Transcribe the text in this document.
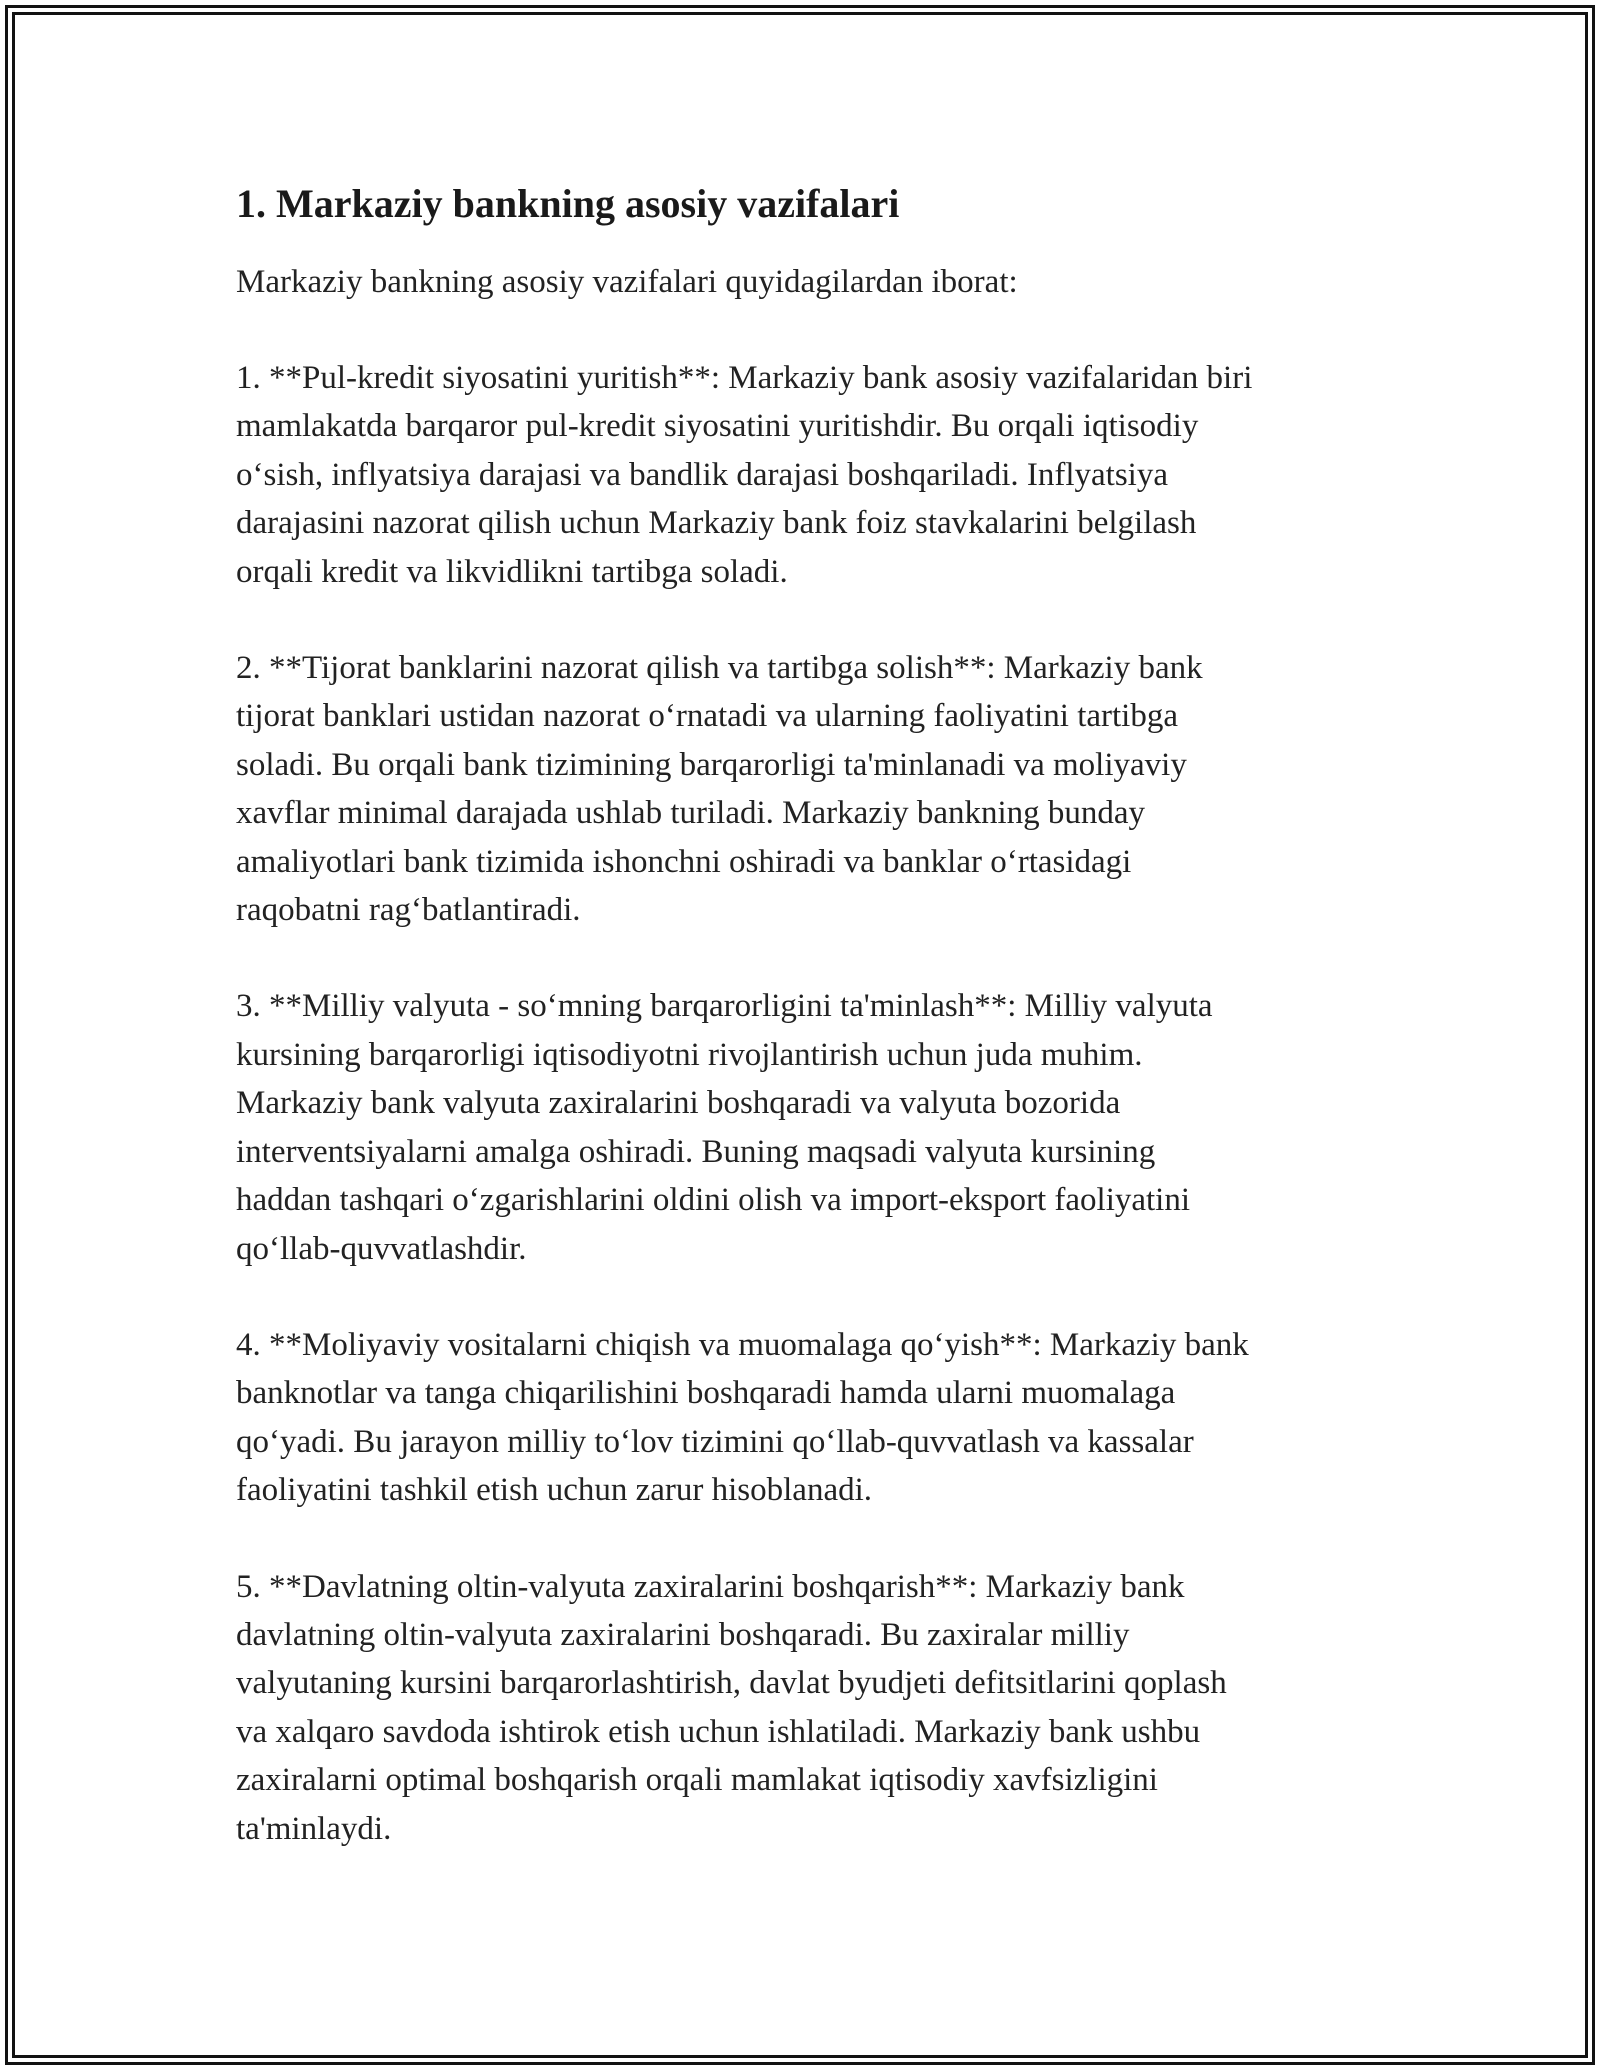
1. Markaziy bankning asosiy vazifalari

Markaziy bankning asosiy vazifalari quyidagilardan iborat:

1. **Pul-kredit siyosatini yuritish**: Markaziy bank asosiy vazifalaridan biri
mamlakatda barqaror pul-kredit siyosatini yuritishdir. Bu orqali iqtisodiy
o‘sish, inflyatsiya darajasi va bandlik darajasi boshqariladi. Inflyatsiya
darajasini nazorat qilish uchun Markaziy bank foiz stavkalarini belgilash
orqali kredit va likvidlikni tartibga soladi.
2. **Tijorat banklarini nazorat qilish va tartibga solish**: Markaziy bank
tijorat banklari ustidan nazorat o‘rnatadi va ularning faoliyatini tartibga
soladi. Bu orqali bank tizimining barqarorligi ta'minlanadi va moliyaviy
xavflar minimal darajada ushlab turiladi. Markaziy bankning bunday
amaliyotlari bank tizimida ishonchni oshiradi va banklar o‘rtasidagi
raqobatni rag‘batlantiradi.
3. **Milliy valyuta - so‘mning barqarorligini ta'minlash**: Milliy valyuta
kursining barqarorligi iqtisodiyotni rivojlantirish uchun juda muhim.
Markaziy bank valyuta zaxiralarini boshqaradi va valyuta bozorida
interventsiyalarni amalga oshiradi. Buning maqsadi valyuta kursining
haddan tashqari o‘zgarishlarini oldini olish va import-eksport faoliyatini
qo‘llab-quvvatlashdir.
4. **Moliyaviy vositalarni chiqish va muomalaga qo‘yish**: Markaziy bank
banknotlar va tanga chiqarilishini boshqaradi hamda ularni muomalaga
qo‘yadi. Bu jarayon milliy to‘lov tizimini qo‘llab-quvvatlash va kassalar
faoliyatini tashkil etish uchun zarur hisoblanadi.
5. **Davlatning oltin-valyuta zaxiralarini boshqarish**: Markaziy bank
davlatning oltin-valyuta zaxiralarini boshqaradi. Bu zaxiralar milliy
valyutaning kursini barqarorlashtirish, davlat byudjeti defitsitlarini qoplash
va xalqaro savdoda ishtirok etish uchun ishlatiladi. Markaziy bank ushbu
zaxiralarni optimal boshqarish orqali mamlakat iqtisodiy xavfsizligini
ta'minlaydi.
